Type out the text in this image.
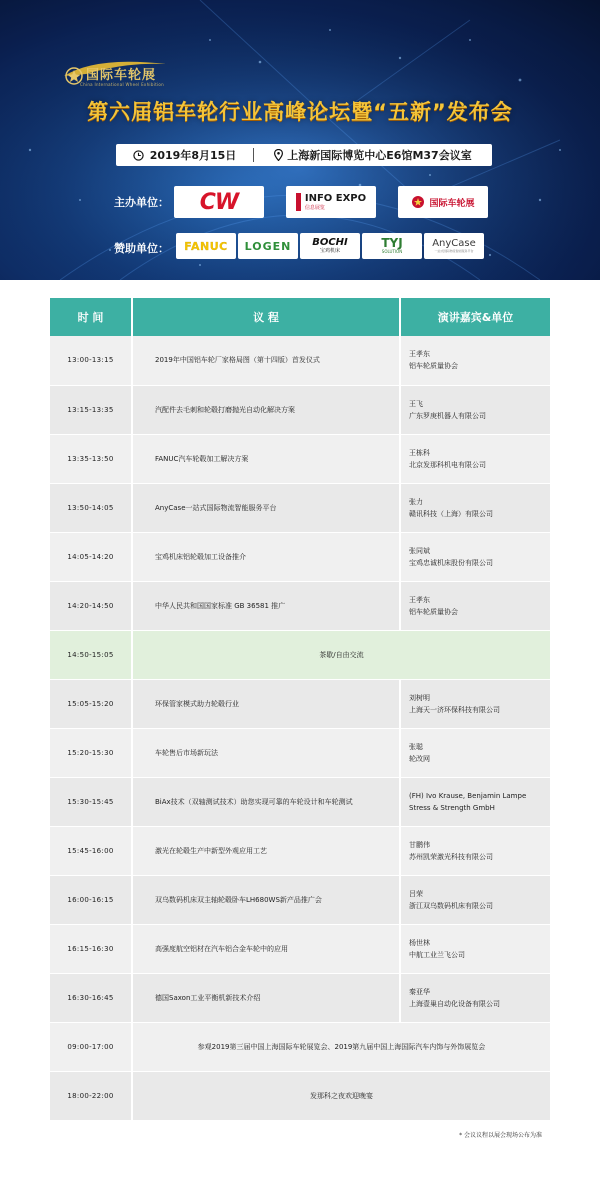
国际车轮展
China International Wheel Exhibition
第六届铝车轮行业高峰论坛暨“五新”发布会
2019年8月15日	上海新国际博览中心E6馆M37会议室
主办单位： CW	INFO EXPO
信息展览	国际车轮展
赞助单位： FANUC LOGEN BOCHI
宝鸡机床
TYJ
SOLUTION
AnyCase
一站式国际物流智能服务平台
时 间	议 程	演讲嘉宾&单位
13:00-13:15	2019年中国铝车轮厂家格局图（第十四版）首发仪式	王孝东
铝车轮质量协会

13:15-13:35	汽配件去毛刺和轮毂打磨抛光自动化解决方案	王飞
广东罗庚机器人有限公司

13:35-13:50	FANUC汽车轮毂加工解决方案	王栋科
北京发那科机电有限公司

13:50-14:05	AnyCase一站式国际物流智能服务平台	张力
赣讯科技（上海）有限公司

14:05-14:20	宝鸡机床铝轮毂加工设备推介	张同斌
宝鸡忠诚机床股份有限公司

14:20-14:50	中华人民共和国国家标准 GB 36581 推广	王孝东
铝车轮质量协会

14:50-15:05	茶歇/自由交流	
15:05-15:20	环保管家模式助力轮毂行业	刘树明
上海天一济环保科技有限公司

15:20-15:30	车轮售后市场新玩法	张聪
轮改网

15:30-15:45	BiAx技术（双轴测试技术）助您实现可靠的车轮设计和车轮测试	(FH) Ivo Krause, Benjamin Lampe
Stress & Strength GmbH

15:45-16:00	激光在轮毂生产中新型外观应用工艺	甘鹏伟
苏州凯荣激光科技有限公司

16:00-16:15	双乌数码机床双主轴轮毂卧车LH680WS新产品推广会	吕荣
浙江双乌数码机床有限公司

16:15-16:30	高强度航空铝材在汽车铝合金车轮中的应用	杨世林
中航工业兰飞公司

16:30-16:45	德国Saxon工业平衡机新技术介绍	秦亚华
上海壹巢自动化设备有限公司

09:00-17:00	参观2019第三届中国上海国际车轮展览会、2019第九届中国上海国际汽车内饰与外饰展览会	
18:00-22:00	发那科之夜欢迎晚宴	
* 会议议程以展会现场公布为准
